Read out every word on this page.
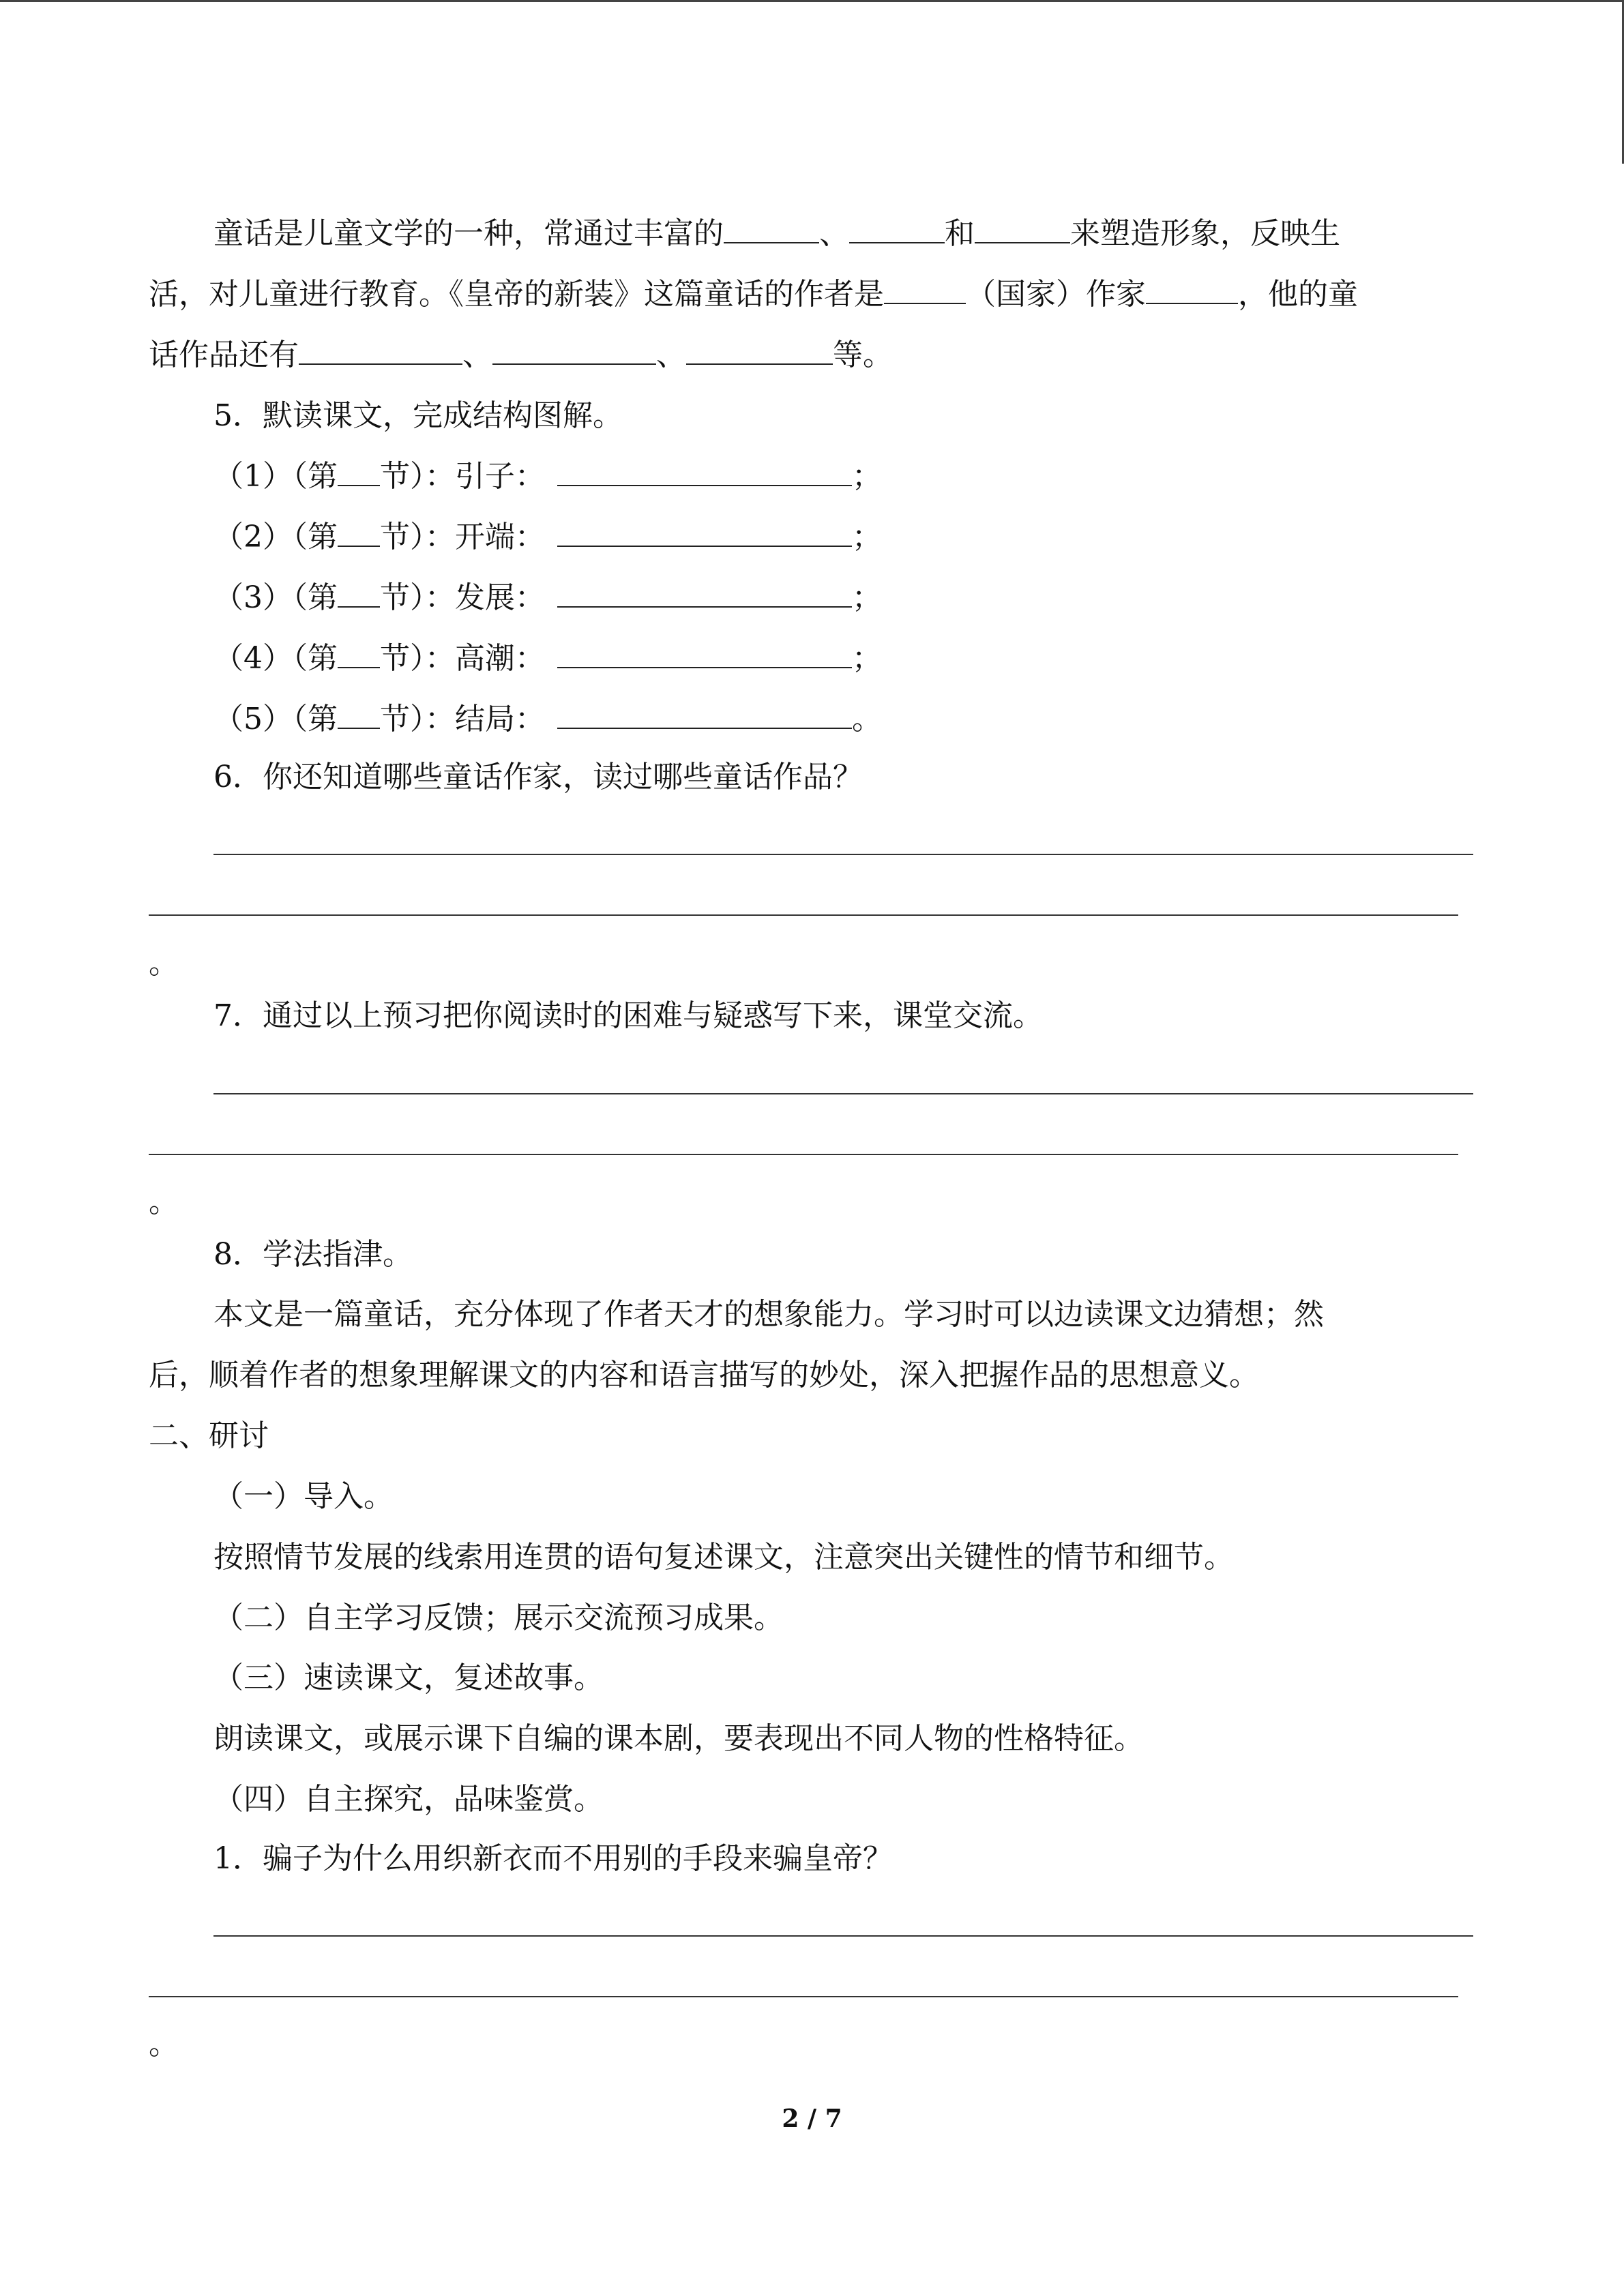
童话是儿童文学的一种，常通过丰富的	、	和	来塑造形象，反映生
活，对儿童进行教育。《皇帝的新装》这篇童话的作者是	（国家）作家	，他的童
话作品还有	、	、	等。
5．默读课文，完成结构图解。
（1）（第 节）：引子：	；
（2）（第 节）：开端：	；
（3）（第 节）：发展：	；
（4）（第 节）：高潮：	；
（5）（第 节）：结局：	。
6．你还知道哪些童话作家，读过哪些童话作品？
。
7．通过以上预习把你阅读时的困难与疑惑写下来，课堂交流。
。
8．学法指津。
本文是一篇童话，充分体现了作者天才的想象能力。学习时可以边读课文边猜想；然
后，顺着作者的想象理解课文的内容和语言描写的妙处，深入把握作品的思想意义。
二、研讨
（一）导入。
按照情节发展的线索用连贯的语句复述课文，注意突出关键性的情节和细节。
（二）自主学习反馈；展示交流预习成果。
（三）速读课文，复述故事。
朗读课文，或展示课下自编的课本剧，要表现出不同人物的性格特征。
（四）自主探究，品味鉴赏。
1．骗子为什么用织新衣而不用别的手段来骗皇帝？
。
2 / 7
